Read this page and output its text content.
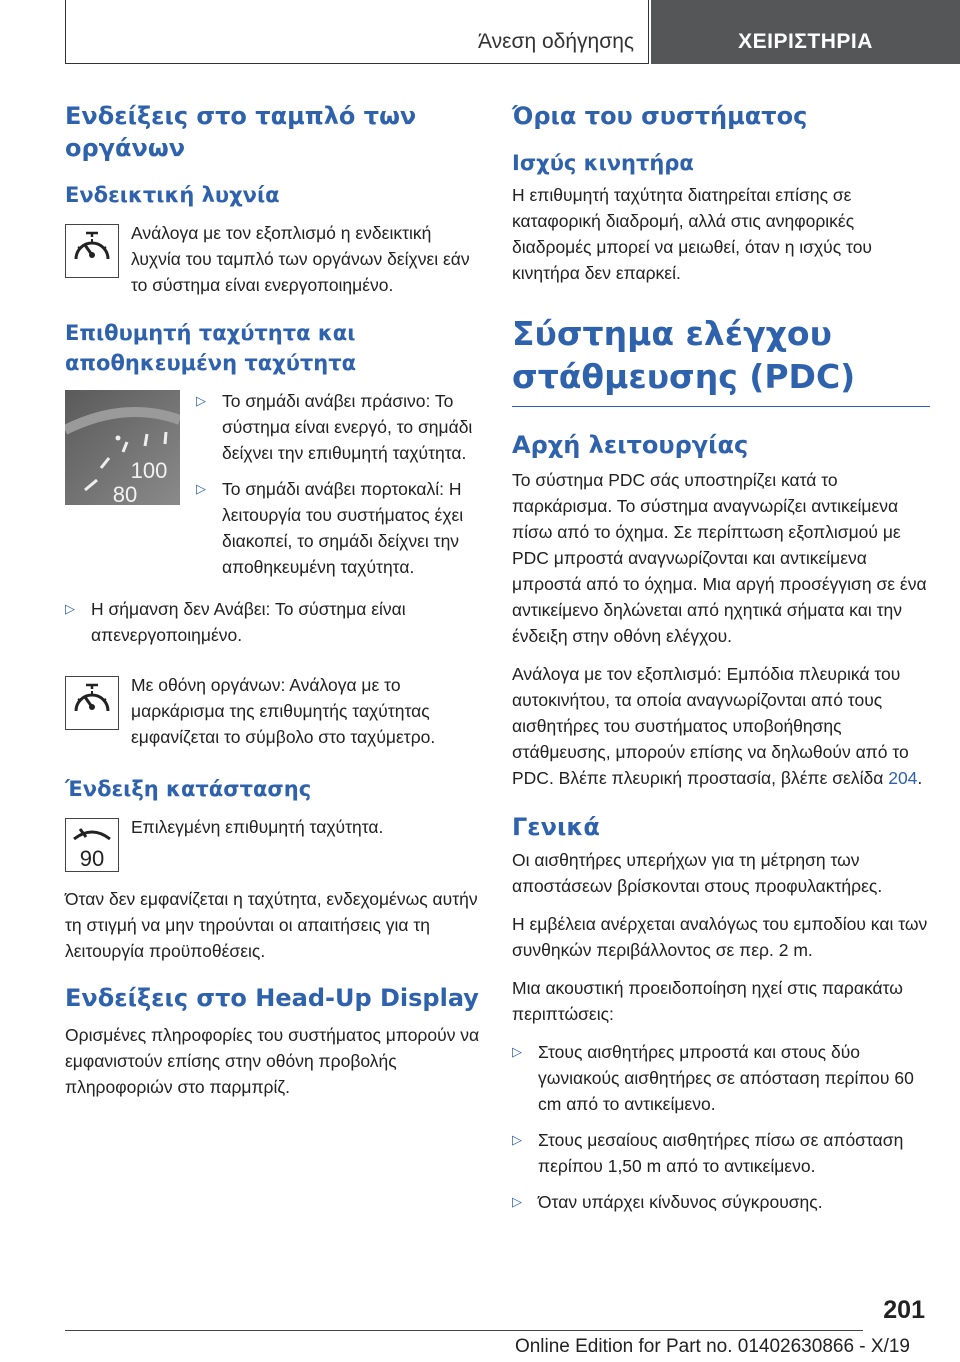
Άνεση οδήγησης	ΧΕΙΡΙΣΤΗΡΙΑ
Ενδείξεις στο ταμπλό των οργάνων
Ενδεικτική λυχνία
Ανάλογα με τον εξοπλισμό η ενδεικτική λυχνία του ταμπλό των οργάνων δείχνει εάν το σύστημα είναι ενεργοποιημένο.
Επιθυμητή ταχύτητα και αποθηκευμένη ταχύτητα
100
80
▷ Το σημάδι ανάβει πράσινο: Το σύστημα είναι ενεργό, το σημάδι δείχνει την επιθυμητή ταχύτητα.
▷ Το σημάδι ανάβει πορτοκαλί: Η λειτουργία του συστήματος έχει διακοπεί, το σημάδι δείχνει την αποθηκευμένη ταχύτητα.
▷ Η σήμανση δεν Ανάβει: Το σύστημα είναι απενεργοποιημένο.
Με οθόνη οργάνων: Ανάλογα με το μαρκάρισμα της επιθυμητής ταχύτητας εμφανίζεται το σύμβολο στο ταχύμετρο.
Ένδειξη κατάστασης
90
Επιλεγμένη επιθυμητή ταχύτητα.

Όταν δεν εμφανίζεται η ταχύτητα, ενδεχομένως αυτήν τη στιγμή να μην τηρούνται οι απαιτήσεις για τη λειτουργία προϋποθέσεις.

Ενδείξεις στο Head-Up Display

Ορισμένες πληροφορίες του συστήματος μπορούν να εμφανιστούν επίσης στην οθόνη προβολής πληροφοριών στο παρμπρίζ.

Όρια του συστήματος
Ισχύς κινητήρα

Η επιθυμητή ταχύτητα διατηρείται επίσης σε καταφορική διαδρομή, αλλά στις ανηφορικές διαδρομές μπορεί να μειωθεί, όταν η ισχύς του κινητήρα δεν επαρκεί.

Σύστημα ελέγχου στάθμευσης (PDC)
Αρχή λειτουργίας

Το σύστημα PDC σάς υποστηρίζει κατά το παρκάρισμα. Το σύστημα αναγνωρίζει αντικείμενα πίσω από το όχημα. Σε περίπτωση εξοπλισμού με PDC μπροστά αναγνωρίζονται και αντικείμενα μπροστά από το όχημα. Μια αργή προσέγγιση σε ένα αντικείμενο δηλώνεται από ηχητικά σήματα και την ένδειξη στην οθόνη ελέγχου.

Ανάλογα με τον εξοπλισμό: Εμπόδια πλευρικά του αυτοκινήτου, τα οποία αναγνωρίζονται από τους αισθητήρες του συστήματος υποβοήθησης στάθμευσης, μπορούν επίσης να δηλωθούν από το PDC. Βλέπε πλευρική προστασία, βλέπε σελίδα 204.

Γενικά

Οι αισθητήρες υπερήχων για τη μέτρηση των αποστάσεων βρίσκονται στους προφυλακτήρες.

Η εμβέλεια ανέρχεται αναλόγως του εμποδίου και των συνθηκών περιβάλλοντος σε περ. 2 m.

Μια ακουστική προειδοποίηση ηχεί στις παρακάτω περιπτώσεις:

▷ Στους αισθητήρες μπροστά και στους δύο γωνιακούς αισθητήρες σε απόσταση περίπου 60 cm από το αντικείμενο.
▷ Στους μεσαίους αισθητήρες πίσω σε απόσταση περίπου 1,50 m από το αντικείμενο.
▷ Όταν υπάρχει κίνδυνος σύγκρουσης.
201
Online Edition for Part no. 01402630866 - X/19
